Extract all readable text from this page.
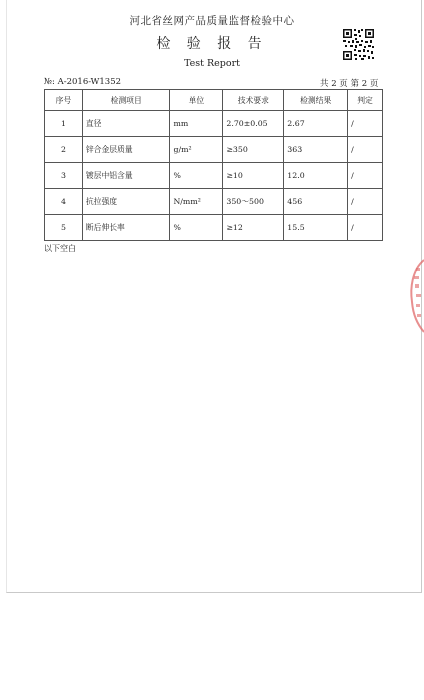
河北省丝网产品质量监督检验中心
检 验 报 告
Test Report
№: A-2016-W1352	共 2 页 第 2 页
序号	检测项目	单位	技术要求	检测结果	判定
1	直径	mm	2.70±0.05	2.67	/
2	锌合金层质量	g/m²	≥350	363	/
3	镀层中铝含量	%	≥10	12.0	/
4	抗拉强度	N/mm²	350～500	456	/
5	断后伸长率	%	≥12	15.5	/
以下空白
